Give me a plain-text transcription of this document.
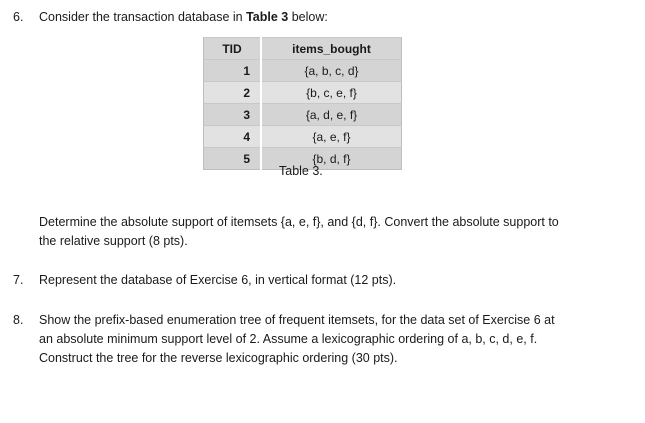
6.	Consider the transaction database in Table 3 below:
TID	items_bought
1	{a, b, c, d}
2	{b, c, e, f}
3	{a, d, e, f}
4	{a, e, f}
5	{b, d, f}
Table 3.
Determine the absolute support of itemsets {a, e, f}, and {d, f}. Convert the absolute support to
the relative support (8 pts).
7.	Represent the database of Exercise 6, in vertical format (12 pts).
8.	Show the prefix-based enumeration tree of frequent itemsets, for the data set of Exercise 6 at
an absolute minimum support level of 2. Assume a lexicographic ordering of a, b, c, d, e, f.
Construct the tree for the reverse lexicographic ordering (30 pts).
